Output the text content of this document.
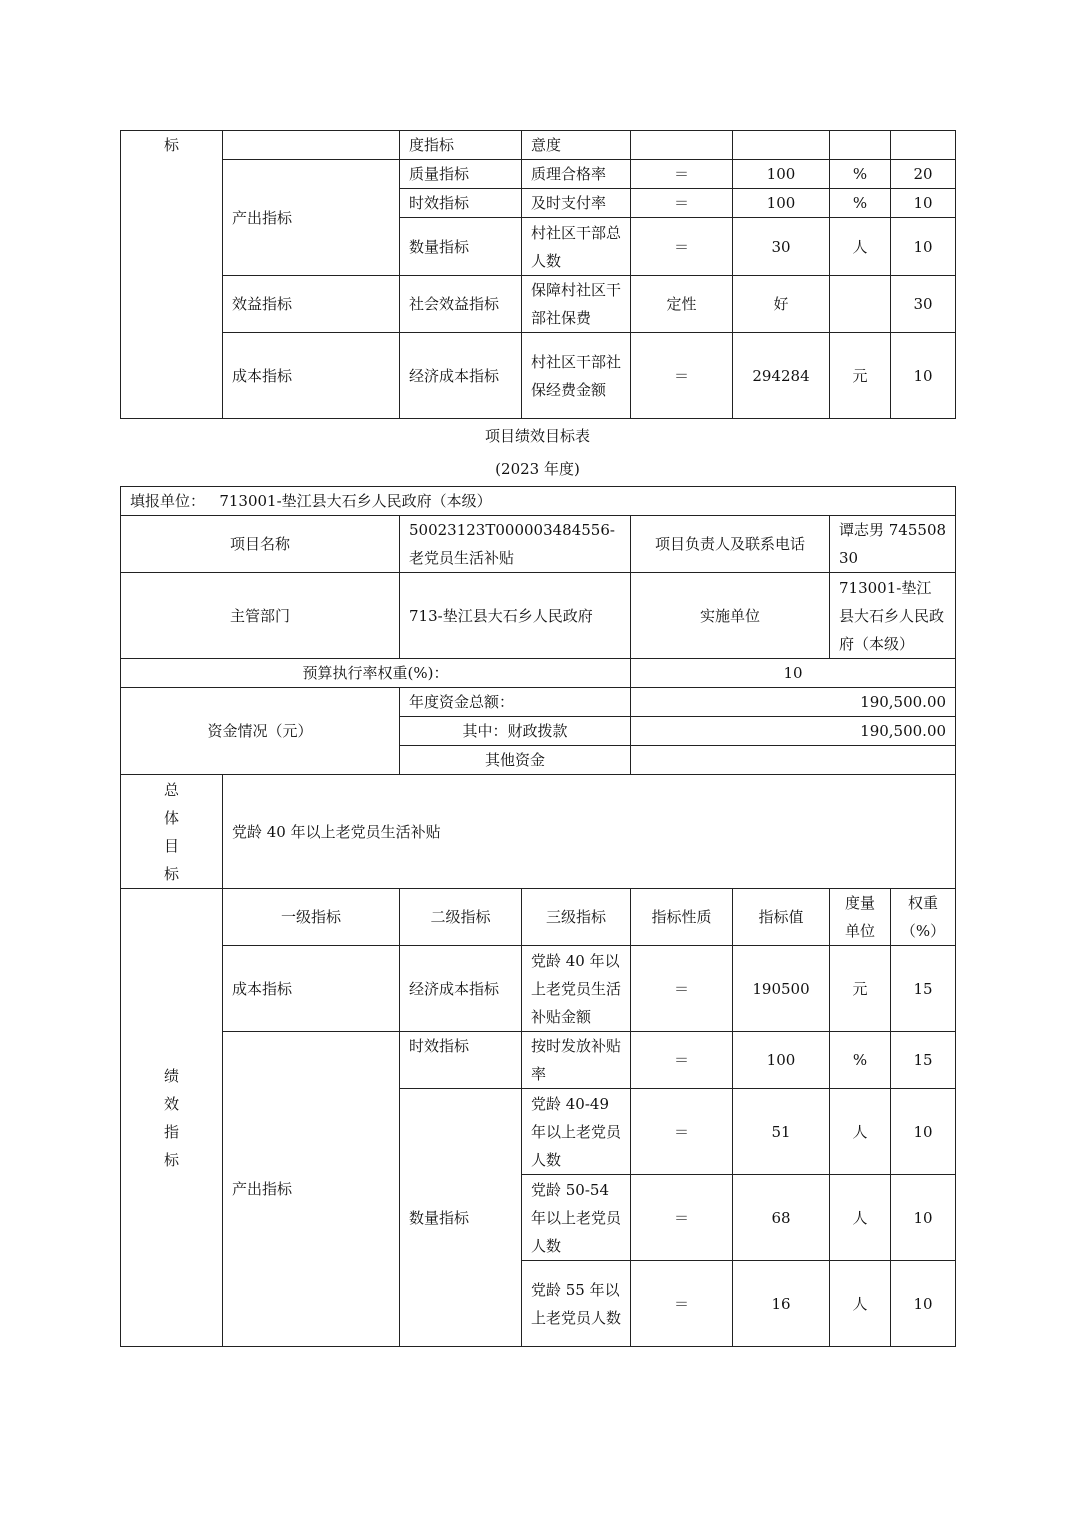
标		度指标	意度				
	产出指标	质量指标	质理合格率	＝	100	%	20
		时效指标	及时支付率	＝	100	%	10
		数量指标	村社区干部总人数	＝	30	人	10
	效益指标	社会效益指标	保障村社区干部社保费	定性	好		30
	成本指标	经济成本指标	村社区干部社保经费金额	＝	294284	元	10
项目绩效目标表
(2023 年度)
填报单位： 713001-垫江县大石乡人民政府（本级）							
项目名称		50023123T000003484556-老党员生活补贴		项目负责人及联系电话		谭志男 74550830	
主管部门		713-垫江县大石乡人民政府		实施单位		713001-垫江县大石乡人民政府（本级）	
预算执行率权重(%)：				10			
资金情况（元）		年度资金总额：		190,500.00			
		其中：财政拨款		190,500.00			
		其他资金					
总体目标	党龄 40 年以上老党员生活补贴						
绩效指标	一级指标	二级指标	三级指标	指标性质	指标值	度量单位	权重（%）
	成本指标	经济成本指标	党龄 40 年以上老党员生活补贴金额	＝	190500	元	15
	产出指标	时效指标	按时发放补贴率	＝	100	%	15
		数量指标	党龄 40-49 年以上老党员人数	＝	51	人	10
			党龄 50-54 年以上老党员人数	＝	68	人	10
			党龄 55 年以上老党员人数	＝	16	人	10
